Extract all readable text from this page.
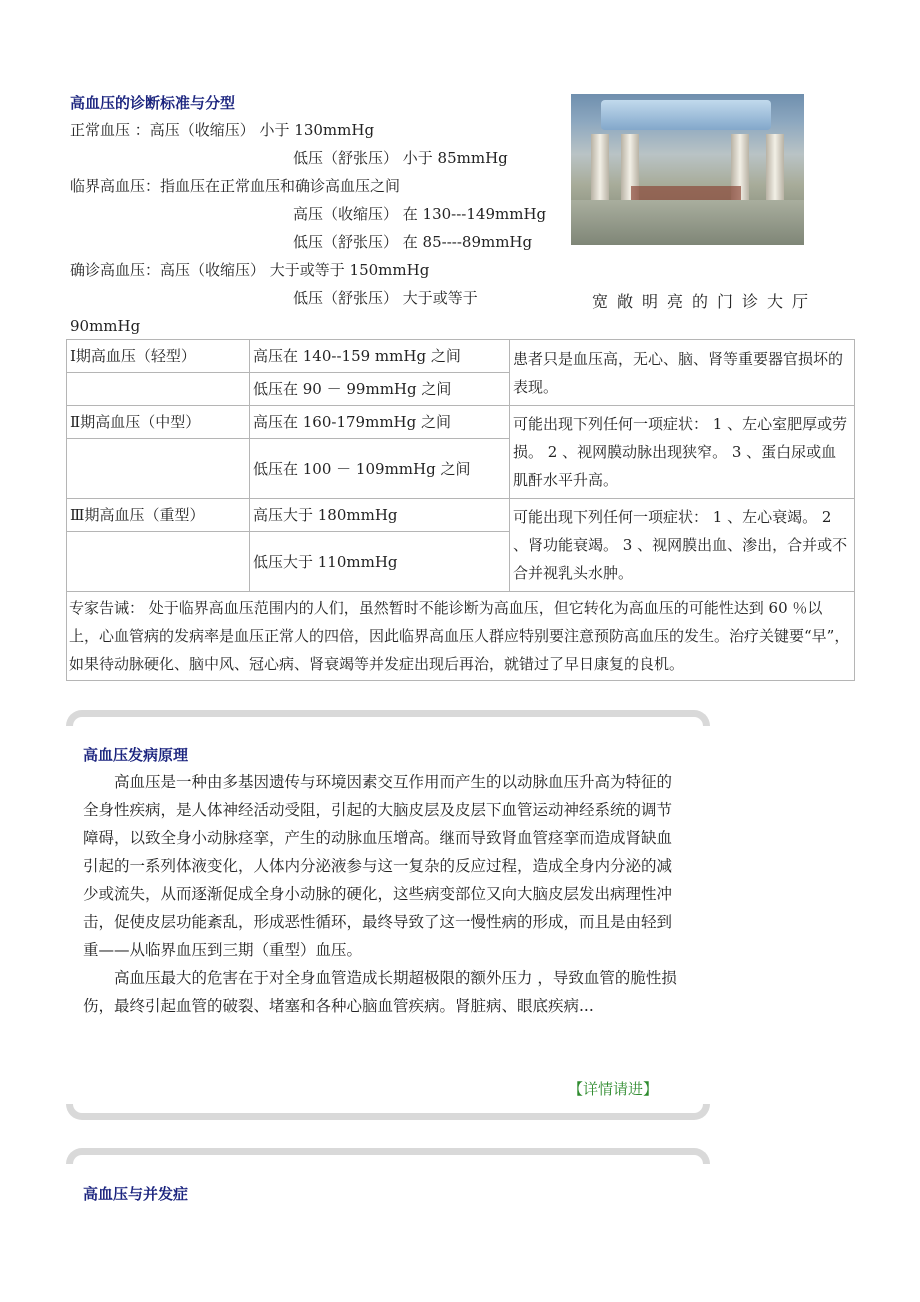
高血压的诊断标准与分型
正常血压 ：高压（收缩压） 小于 130mmHg
低压（舒张压） 小于 85mmHg
临界高血压：指血压在正常血压和确诊高血压之间
高压（收缩压） 在 130---149mmHg
低压（舒张压） 在 85----89mmHg
确诊高血压：高压（收缩压） 大于或等于 150mmHg
低压（舒张压） 大于或等于
90mmHg
宽敞明亮的门诊大厅
Ⅰ期高血压（轻型）	高压在 140--159 mmHg 之间	患者只是血压高，无心、脑、肾等重要器官损坏的表现。
	低压在 90 － 99mmHg 之间	
Ⅱ期高血压（中型）	高压在 160-179mmHg 之间	可能出现下列任何一项症状： 1 、左心室肥厚或劳损。 2 、视网膜动脉出现狭窄。 3 、蛋白尿或血肌酐水平升高。
	低压在 100 － 109mmHg 之间	
Ⅲ期高血压（重型）	高压大于 180mmHg	可能出现下列任何一项症状： 1 、左心衰竭。 2 、肾功能衰竭。 3 、视网膜出血、渗出，合并或不合并视乳头水肿。
	低压大于 110mmHg	
专家告诫： 处于临界高血压范围内的人们，虽然暂时不能诊断为高血压，但它转化为高血压的可能性达到 60 ％以上，心血管病的发病率是血压正常人的四倍，因此临界高血压人群应特别要注意预防高血压的发生。治疗关键要“早”，如果待动脉硬化、脑中风、冠心病、肾衰竭等并发症出现后再治，就错过了早日康复的良机。		
高血压发病原理

高血压是一种由多基因遗传与环境因素交互作用而产生的以动脉血压升高为特征的全身性疾病，是人体神经活动受阻，引起的大脑皮层及皮层下血管运动神经系统的调节障碍，以致全身小动脉痉挛，产生的动脉血压增高。继而导致肾血管痉挛而造成肾缺血引起的一系列体液变化，人体内分泌液参与这一复杂的反应过程，造成全身内分泌的减少或流失，从而逐渐促成全身小动脉的硬化，这些病变部位又向大脑皮层发出病理性冲击，促使皮层功能紊乱，形成恶性循环，最终导致了这一慢性病的形成，而且是由轻到重——从临界血压到三期（重型）血压。

高血压最大的危害在于对全身血管造成长期超极限的额外压力 ，导致血管的脆性损伤，最终引起血管的破裂、堵塞和各种心脑血管疾病。肾脏病、眼底疾病...

【详情请进】
高血压与并发症
